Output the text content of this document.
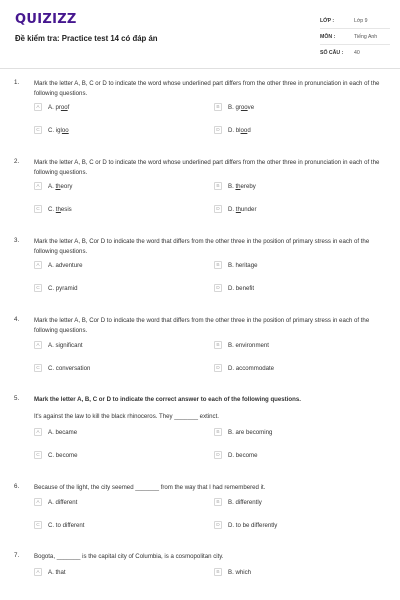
QUIZIZZ
Đề kiểm tra: Practice test 14 có đáp án
LỚP :	Lớp 9
MÔN :	Tiếng Anh
SỐ CÂU :	40
1. Mark the letter A, B, C or D to indicate the word whose underlined part differs from the other three in pronunciation in each of the following questions.

A	A. proof	B	B. groove
C	C. igloo	D	D. blood
2. Mark the letter A, B, C or D to indicate the word whose underlined part differs from the other three in pronunciation in each of the following questions.

A	A. theory	B	B. thereby
C	C. thesis	D	D. thunder
3. Mark the letter A, B, Cor D to indicate the word that differs from the other three in the position of primary stress in each of the following questions.

A	A. adventure	B	B. heritage
C	C. pyramid	D	D. benefit
4. Mark the letter A, B, Cor D to indicate the word that differs from the other three in the position of primary stress in each of the following questions.

A	A. significant	B	B. environment
C	C. conversation	D	D. accommodate
5. Mark the letter A, B, C or D to indicate the correct answer to each of the following questions.

It's against the law to kill the black rhinoceros. They _______ extinct.
A	A. became	B	B. are becoming
C	C. become	D	D. become
6. Because of the light, the city seemed _______ from the way that I had remembered it.

A	A. different	B	B. differently
C	C. to different	D	D. to be differently
7. Bogota, _______ is the capital city of Columbia, is a cosmopolitan city.

A	A. that	B	B. which
